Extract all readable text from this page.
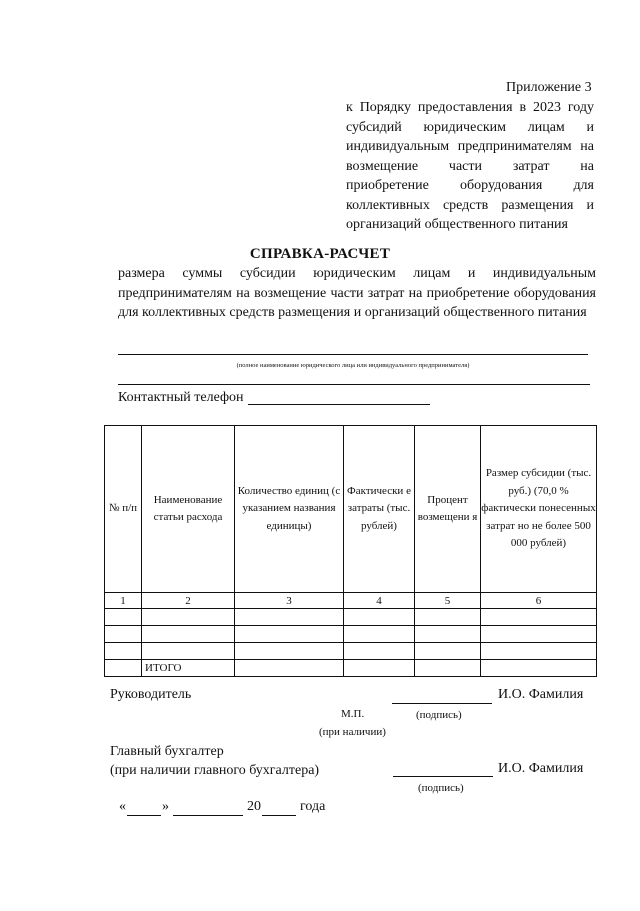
Приложение 3
к Порядку предоставления в 2023 году субсидий юридическим лицам и индивидуальным предпринимателям на возмещение части затрат на приобретение оборудования для коллективных средств размещения и организаций общественного питания
СПРАВКА-РАСЧЕТ
размера суммы субсидии юридическим лицам и индивидуальным предпринимателям на возмещение части затрат на приобретение оборудования для коллективных средств размещения и организаций общественного питания
(полное наименование юридического лица или индивидуального предпринимателя)
Контактный телефон
№ п/п	Наименование статьи расхода	Количество единиц (с указанием названия единицы)	Фактически е затраты (тыс. рублей)	Процент возмещени я	Размер субсидии (тыс. руб.) (70,0 % фактически понесенных затрат но не более 500 000 рублей)
1	2	3	4	5	6

	ИТОГО				
Руководитель	И.О. Фамилия
М.П.	(подпись)
(при наличии)
Главный бухгалтер
(при наличии главного бухгалтера)	И.О. Фамилия
(подпись)
«	»	20	года
